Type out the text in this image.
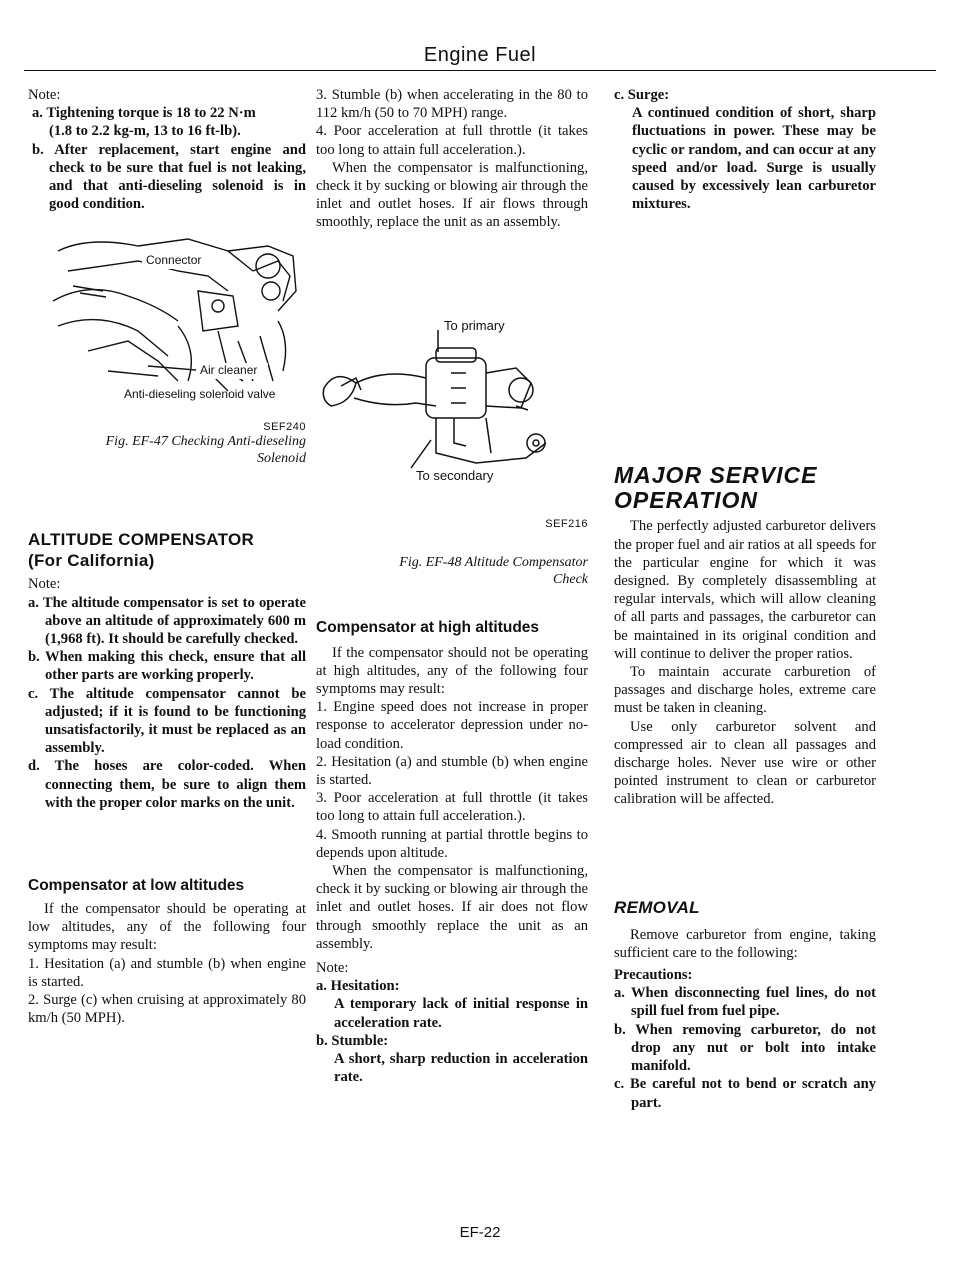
Engine Fuel

Note:

a. Tightening torque is 18 to 22 N·m

(1.8 to 2.2 kg-m, 13 to 16 ft-lb).

b. After replacement, start engine and check to be sure that fuel is not leaking, and that anti-dieseling solenoid is in good condition.

Connector
Air cleaner
Anti-dieseling solenoid valve
SEF240
Fig. EF-47 Checking Anti-dieseling
Solenoid
ALTITUDE COMPENSATOR
(For California)

Note:

a. The altitude compensator is set to operate above an altitude of approximately 600 m (1,968 ft). It should be carefully checked.

b. When making this check, ensure that all other parts are working properly.

c. The altitude compensator cannot be adjusted; if it is found to be functioning unsatisfactorily, it must be replaced as an assembly.

d. The hoses are color-coded. When connecting them, be sure to align them with the proper color marks on the unit.

Compensator at low altitudes

If the compensator should be operating at low altitudes, any of the following four symptoms may result:

1. Hesitation (a) and stumble (b) when engine is started.

2. Surge (c) when cruising at approximately 80 km/h (50 MPH).

3. Stumble (b) when accelerating in the 80 to 112 km/h (50 to 70 MPH) range.

4. Poor acceleration at full throttle (it takes too long to attain full acceleration.).

When the compensator is malfunctioning, check it by sucking or blowing air through the inlet and outlet hoses. If air flows through smoothly, replace the unit as an assembly.

To primary
To secondary
SEF216
Fig. EF-48 Altitude Compensator
Check
Compensator at high altitudes

If the compensator should not be operating at high altitudes, any of the following four symptoms may result:

1. Engine speed does not increase in proper response to accelerator depression under no-load condition.

2. Hesitation (a) and stumble (b) when engine is started.

3. Poor acceleration at full throttle (it takes too long to attain full acceleration.).

4. Smooth running at partial throttle begins to depends upon altitude.

When the compensator is malfunctioning, check it by sucking or blowing air through the inlet and outlet hoses. If air does not flow through smoothly replace the unit as an assembly.

Note:

a. Hesitation:

A temporary lack of initial response in acceleration rate.

b. Stumble:

A short, sharp reduction in acceleration rate.

c. Surge:

A continued condition of short, sharp fluctuations in power. These may be cyclic or random, and can occur at any speed and/or load. Surge is usually caused by excessively lean carburetor mixtures.

MAJOR SERVICE
OPERATION

The perfectly adjusted carburetor delivers the proper fuel and air ratios at all speeds for the particular engine for which it was designed. By completely disassembling at regular intervals, which will allow cleaning of all parts and passages, the carburetor can be maintained in its original condition and will continue to deliver the proper ratios.

To maintain accurate carburetion of passages and discharge holes, extreme care must be taken in cleaning.

Use only carburetor solvent and compressed air to clean all passages and discharge holes. Never use wire or other pointed instrument to clean or carburetor calibration will be affected.

REMOVAL

Remove carburetor from engine, taking sufficient care to the following:

Precautions:

a. When disconnecting fuel lines, do not spill fuel from fuel pipe.

b. When removing carburetor, do not drop any nut or bolt into intake manifold.

c. Be careful not to bend or scratch any part.

EF-22
